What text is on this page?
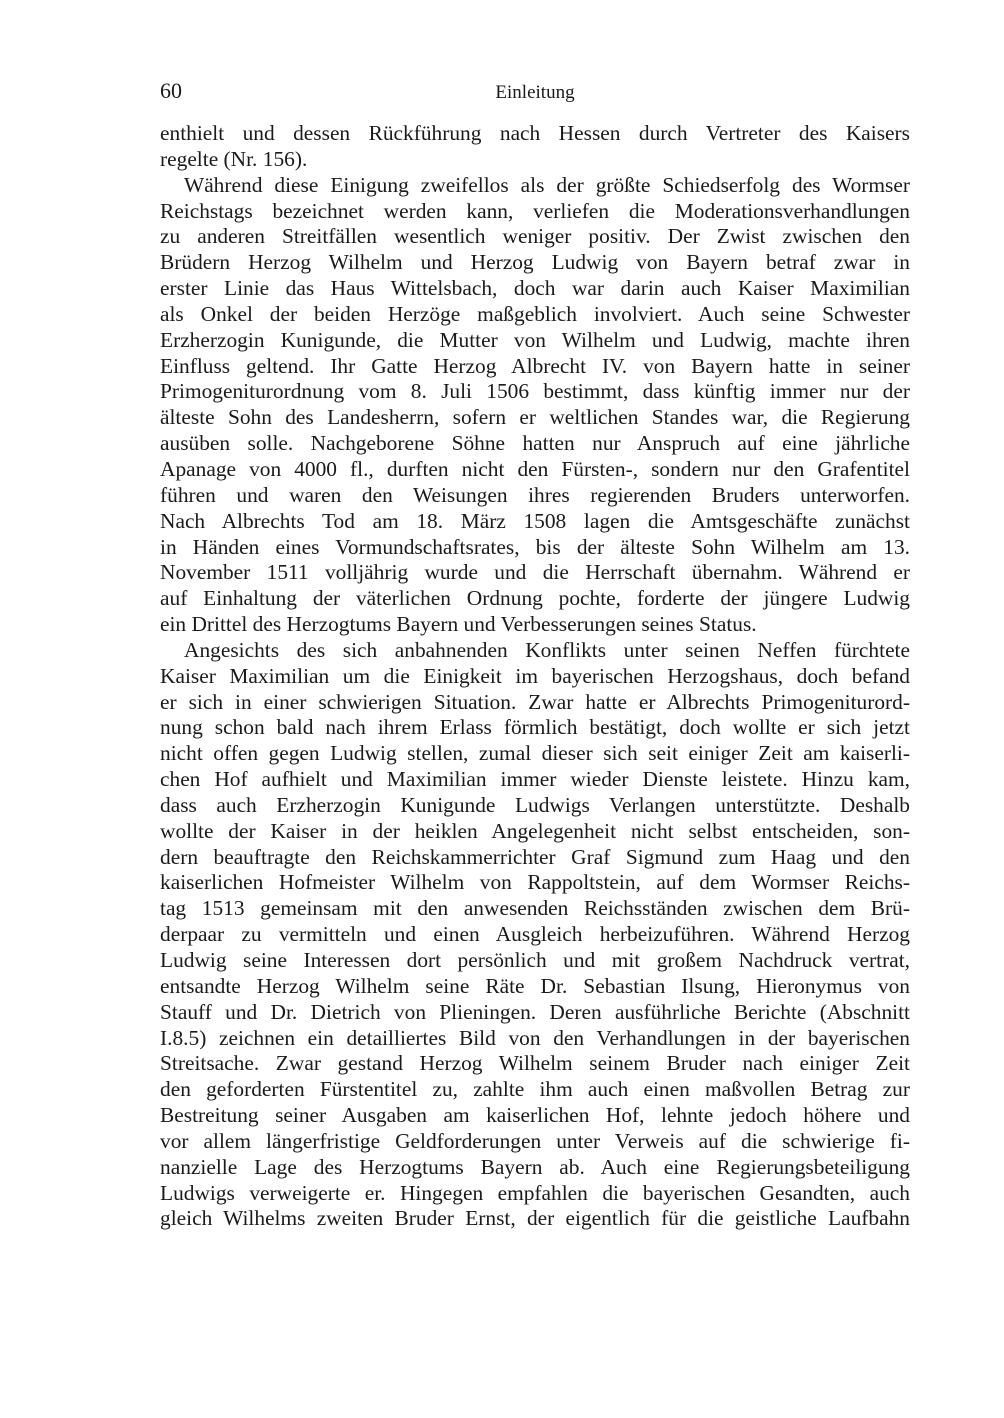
60	Einleitung
enthielt und dessen Rückführung nach Hessen durch Vertreter des Kaisers
regelte (Nr. 156).
Während diese Einigung zweifellos als der größte Schiedserfolg des Wormser
Reichstags bezeichnet werden kann, verliefen die Moderationsverhandlungen
zu anderen Streitfällen wesentlich weniger positiv. Der Zwist zwischen den
Brüdern Herzog Wilhelm und Herzog Ludwig von Bayern betraf zwar in
erster Linie das Haus Wittelsbach, doch war darin auch Kaiser Maximilian
als Onkel der beiden Herzöge maßgeblich involviert. Auch seine Schwester
Erzherzogin Kunigunde, die Mutter von Wilhelm und Ludwig, machte ihren
Einfluss geltend. Ihr Gatte Herzog Albrecht IV. von Bayern hatte in seiner
Primogeniturordnung vom 8. Juli 1506 bestimmt, dass künftig immer nur der
älteste Sohn des Landesherrn, sofern er weltlichen Standes war, die Regierung
ausüben solle. Nachgeborene Söhne hatten nur Anspruch auf eine jährliche
Apanage von 4000 fl., durften nicht den Fürsten-, sondern nur den Grafentitel
führen und waren den Weisungen ihres regierenden Bruders unterworfen.
Nach Albrechts Tod am 18. März 1508 lagen die Amtsgeschäfte zunächst
in Händen eines Vormundschaftsrates, bis der älteste Sohn Wilhelm am 13.
November 1511 volljährig wurde und die Herrschaft übernahm. Während er
auf Einhaltung der väterlichen Ordnung pochte, forderte der jüngere Ludwig
ein Drittel des Herzogtums Bayern und Verbesserungen seines Status.
Angesichts des sich anbahnenden Konflikts unter seinen Neffen fürchtete
Kaiser Maximilian um die Einigkeit im bayerischen Herzogshaus, doch befand
er sich in einer schwierigen Situation. Zwar hatte er Albrechts Primogeniturord-
nung schon bald nach ihrem Erlass förmlich bestätigt, doch wollte er sich jetzt
nicht offen gegen Ludwig stellen, zumal dieser sich seit einiger Zeit am kaiserli-
chen Hof aufhielt und Maximilian immer wieder Dienste leistete. Hinzu kam,
dass auch Erzherzogin Kunigunde Ludwigs Verlangen unterstützte. Deshalb
wollte der Kaiser in der heiklen Angelegenheit nicht selbst entscheiden, son-
dern beauftragte den Reichskammerrichter Graf Sigmund zum Haag und den
kaiserlichen Hofmeister Wilhelm von Rappoltstein, auf dem Wormser Reichs-
tag 1513 gemeinsam mit den anwesenden Reichsständen zwischen dem Brü-
derpaar zu vermitteln und einen Ausgleich herbeizuführen. Während Herzog
Ludwig seine Interessen dort persönlich und mit großem Nachdruck vertrat,
entsandte Herzog Wilhelm seine Räte Dr. Sebastian Ilsung, Hieronymus von
Stauff und Dr. Dietrich von Plieningen. Deren ausführliche Berichte (Abschnitt
I.8.5) zeichnen ein detailliertes Bild von den Verhandlungen in der bayerischen
Streitsache. Zwar gestand Herzog Wilhelm seinem Bruder nach einiger Zeit
den geforderten Fürstentitel zu, zahlte ihm auch einen maßvollen Betrag zur
Bestreitung seiner Ausgaben am kaiserlichen Hof, lehnte jedoch höhere und
vor allem längerfristige Geldforderungen unter Verweis auf die schwierige fi-
nanzielle Lage des Herzogtums Bayern ab. Auch eine Regierungsbeteiligung
Ludwigs verweigerte er. Hingegen empfahlen die bayerischen Gesandten, auch
gleich Wilhelms zweiten Bruder Ernst, der eigentlich für die geistliche Laufbahn
